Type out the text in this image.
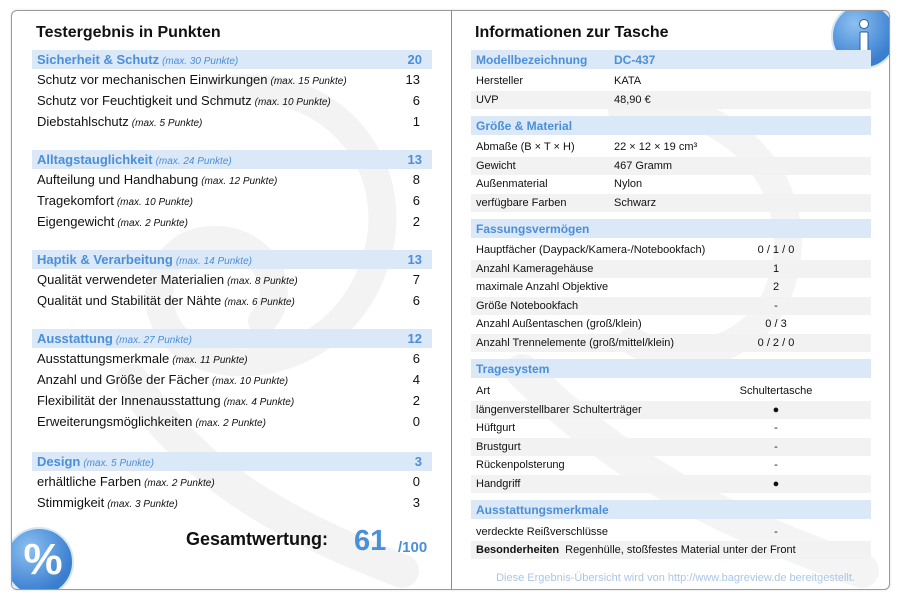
Testergebnis in Punkten
Sicherheit & Schutz (max. 30 Punkte)	20
Schutz vor mechanischen Einwirkungen (max. 15 Punkte)	13
Schutz vor Feuchtigkeit und Schmutz (max. 10 Punkte)	6
Diebstahlschutz (max. 5 Punkte)	1
Alltagstauglichkeit (max. 24 Punkte)	13
Aufteilung und Handhabung (max. 12 Punkte)	8
Tragekomfort (max. 10 Punkte)	6
Eigengewicht (max. 2 Punkte)	2
Haptik & Verarbeitung (max. 14 Punkte)	13
Qualität verwendeter Materialien (max. 8 Punkte)	7
Qualität und Stabilität der Nähte (max. 6 Punkte)	6
Ausstattung (max. 27 Punkte)	12
Ausstattungsmerkmale (max. 11 Punkte)	6
Anzahl und Größe der Fächer (max. 10 Punkte)	4
Flexibilität der Innenausstattung (max. 4 Punkte)	2
Erweiterungsmöglichkeiten (max. 2 Punkte)	0
Design (max. 5 Punkte)	3
erhältliche Farben (max. 2 Punkte)	0
Stimmigkeit (max. 3 Punkte)	3
Gesamtwertung: 61 /100
%
Informationen zur Tasche
Modellbezeichnung	DC-437
Hersteller	KATA
UVP	48,90 €
Größe & Material
Abmaße (B × T × H)	22 × 12 × 19 cm³
Gewicht	467 Gramm
Außenmaterial	Nylon
verfügbare Farben	Schwarz
Fassungsvermögen
Hauptfächer (Daypack/Kamera-/Notebookfach)	0 / 1 / 0
Anzahl Kameragehäuse	1
maximale Anzahl Objektive	2
Größe Notebookfach	-
Anzahl Außentaschen (groß/klein)	0 / 3
Anzahl Trennelemente (groß/mittel/klein)	0 / 2 / 0
Tragesystem
Art	Schultertasche
längenverstellbarer Schulterträger	●
Hüftgurt	-
Brustgurt	-
Rückenpolsterung	-
Handgriff	●
Ausstattungsmerkmale
verdeckte Reißverschlüsse	-
Besonderheiten Regenhülle, stoßfestes Material unter der Front
Diese Ergebnis-Übersicht wird von http://www.bagreview.de bereitgestellt.
